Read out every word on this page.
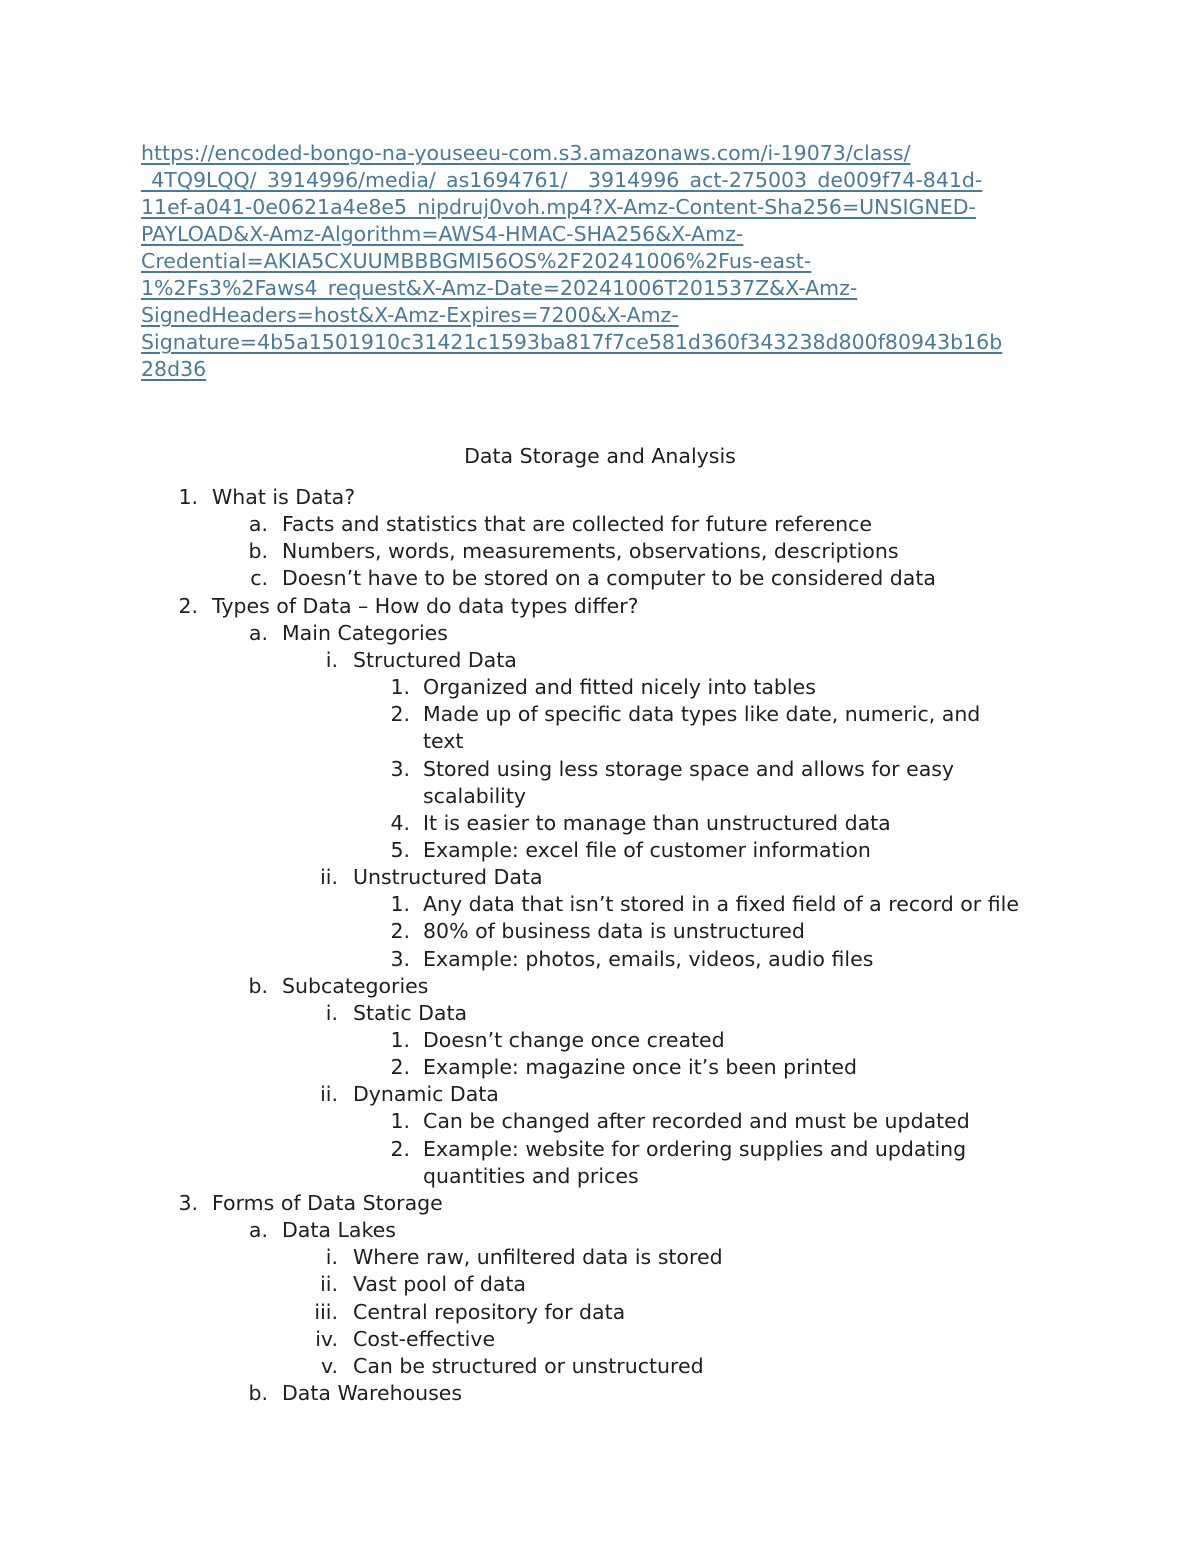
https://encoded-bongo-na-youseeu-com.s3.amazonaws.com/i-19073/class/
_4TQ9LQQ/_3914996/media/_as1694761/__3914996_act-275003_de009f74-841d-
11ef-a041-0e0621a4e8e5_nipdruj0voh.mp4?X-Amz-Content-Sha256=UNSIGNED-
PAYLOAD&X-Amz-Algorithm=AWS4-HMAC-SHA256&X-Amz-
Credential=AKIA5CXUUMBBBGMI56OS%2F20241006%2Fus-east-
1%2Fs3%2Faws4_request&X-Amz-Date=20241006T201537Z&X-Amz-
SignedHeaders=host&X-Amz-Expires=7200&X-Amz-
Signature=4b5a1501910c31421c1593ba817f7ce581d360f343238d800f80943b16b
28d36
Data Storage and Analysis
1. What is Data?
a. Facts and statistics that are collected for future reference
b. Numbers, words, measurements, observations, descriptions
c. Doesn’t have to be stored on a computer to be considered data
2. Types of Data – How do data types differ?
a. Main Categories
i. Structured Data
1. Organized and fitted nicely into tables
2. Made up of specific data types like date, numeric, and
text
3. Stored using less storage space and allows for easy
scalability
4. It is easier to manage than unstructured data
5. Example: excel file of customer information
ii. Unstructured Data
1. Any data that isn’t stored in a fixed field of a record or file
2. 80% of business data is unstructured
3. Example: photos, emails, videos, audio files
b. Subcategories
i. Static Data
1. Doesn’t change once created
2. Example: magazine once it’s been printed
ii. Dynamic Data
1. Can be changed after recorded and must be updated
2. Example: website for ordering supplies and updating
quantities and prices
3. Forms of Data Storage
a. Data Lakes
i. Where raw, unfiltered data is stored
ii. Vast pool of data
iii. Central repository for data
iv. Cost-effective
v. Can be structured or unstructured
b. Data Warehouses
